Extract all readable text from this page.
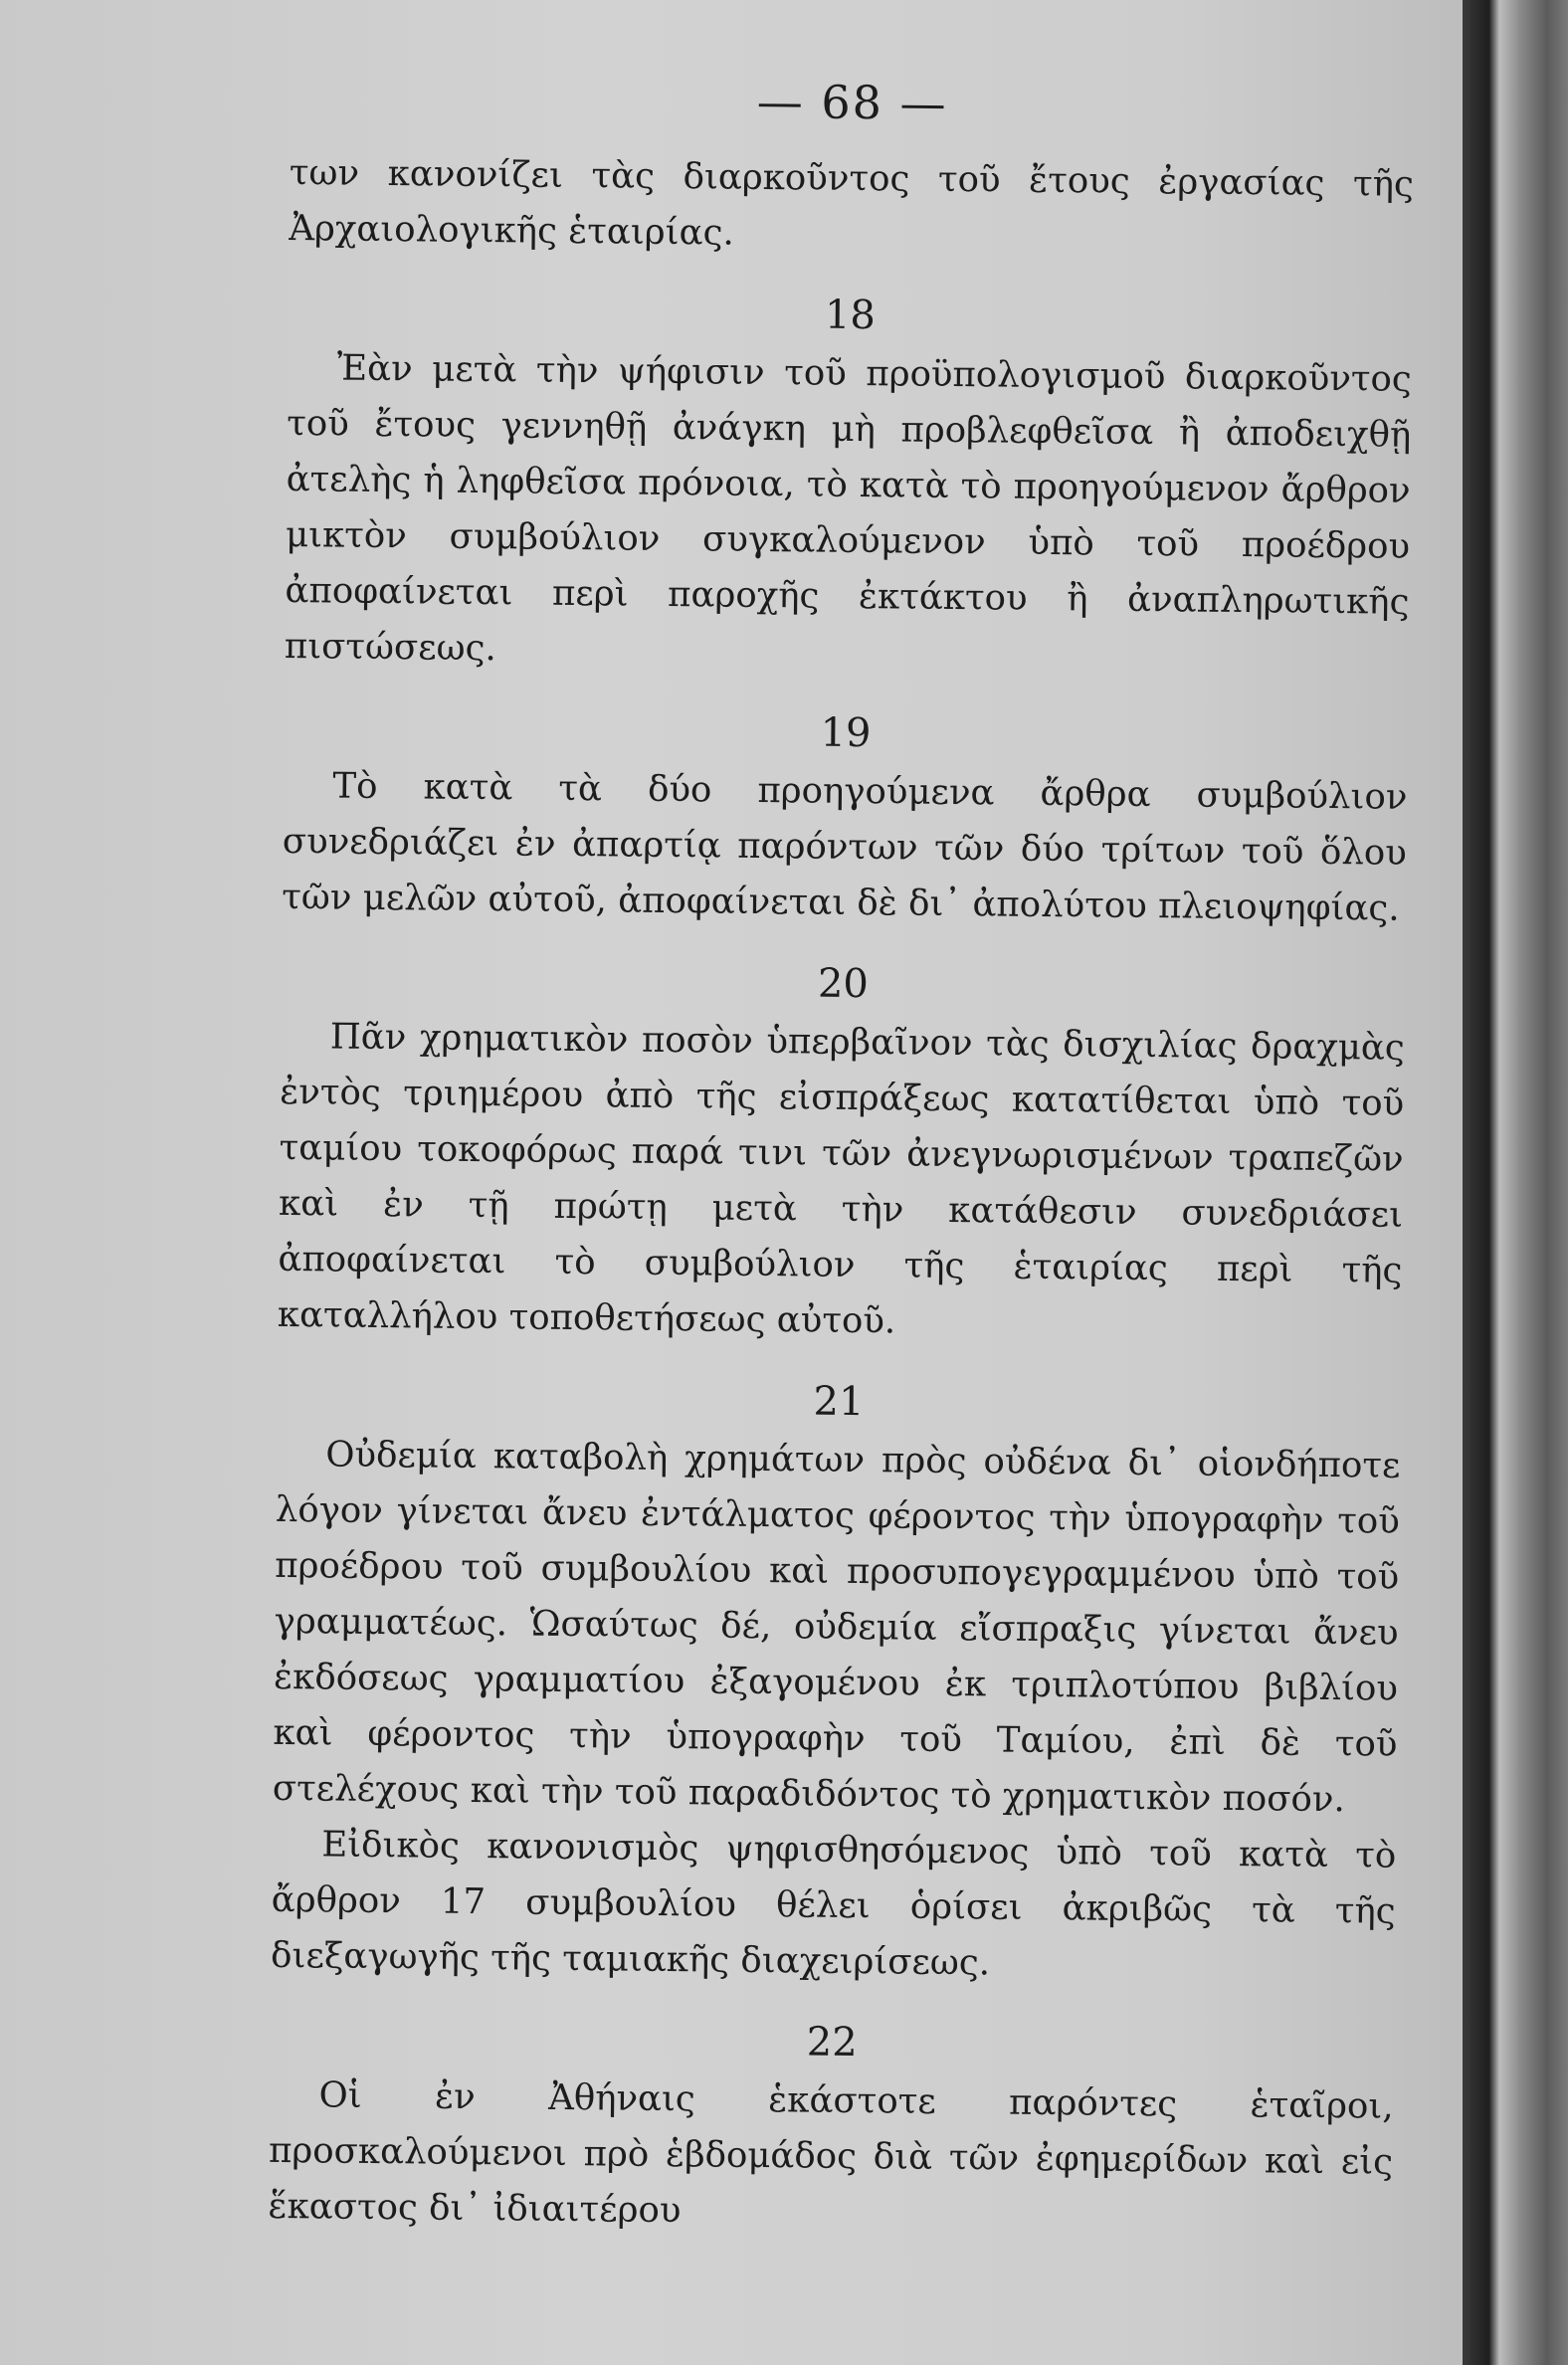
— 68 —

των κανονίζει τὰς διαρκοῦντος τοῦ ἔτους ἐργασίας τῆς Ἀρχαιολογικῆς ἑταιρίας.

18

Ἐὰν μετὰ τὴν ψήφισιν τοῦ προϋπολογισμοῦ διαρκοῦντος τοῦ ἔτους γεννηθῇ ἀνάγκη μὴ προβλεφθεῖσα ἢ ἀποδειχθῇ ἀτελὴς ἡ ληφθεῖσα πρόνοια, τὸ κατὰ τὸ προηγούμενον ἄρθρον μικτὸν συμβούλιον συγκαλούμενον ὑπὸ τοῦ προέδρου ἀποφαίνεται περὶ παροχῆς ἐκτάκτου ἢ ἀναπληρωτικῆς πιστώσεως.

19

Τὸ κατὰ τὰ δύο προηγούμενα ἄρθρα συμβούλιον συνεδριάζει ἐν ἀπαρτίᾳ παρόντων τῶν δύο τρίτων τοῦ ὅλου τῶν μελῶν αὐτοῦ, ἀποφαίνεται δὲ δι᾽ ἀπολύτου πλειοψηφίας.

20

Πᾶν χρηματικὸν ποσὸν ὑπερβαῖνον τὰς δισχιλίας δραχμὰς ἐντὸς τριημέρου ἀπὸ τῆς εἰσπράξεως κατατίθεται ὑπὸ τοῦ ταμίου τοκοφόρως παρά τινι τῶν ἀνεγνωρισμένων τραπεζῶν καὶ ἐν τῇ πρώτῃ μετὰ τὴν κατάθεσιν συνεδριάσει ἀποφαίνεται τὸ συμβούλιον τῆς ἑταιρίας περὶ τῆς καταλλήλου τοποθετήσεως αὐτοῦ.

21

Οὐδεμία καταβολὴ χρημάτων πρὸς οὐδένα δι᾽ οἱονδήποτε λόγον γίνεται ἄνευ ἐντάλματος φέροντος τὴν ὑπογραφὴν τοῦ προέδρου τοῦ συμβουλίου καὶ προσυπογεγραμμένου ὑπὸ τοῦ γραμματέως. Ὡσαύτως δέ, οὐδεμία εἴσπραξις γίνεται ἄνευ ἐκδόσεως γραμματίου ἐξαγομένου ἐκ τριπλοτύπου βιβλίου καὶ φέροντος τὴν ὑπογραφὴν τοῦ Ταμίου, ἐπὶ δὲ τοῦ στελέχους καὶ τὴν τοῦ παραδιδόντος τὸ χρηματικὸν ποσόν.

Εἰδικὸς κανονισμὸς ψηφισθησόμενος ὑπὸ τοῦ κατὰ τὸ ἄρθρον 17 συμβουλίου θέλει ὁρίσει ἀκριβῶς τὰ τῆς διεξαγωγῆς τῆς ταμιακῆς διαχειρίσεως.

22

Οἱ ἐν Ἀθήναις ἑκάστοτε παρόντες ἑταῖροι, προσκαλούμενοι πρὸ ἑβδομάδος διὰ τῶν ἐφημερίδων καὶ εἰς ἕκαστος δι᾽ ἰδιαιτέρου
